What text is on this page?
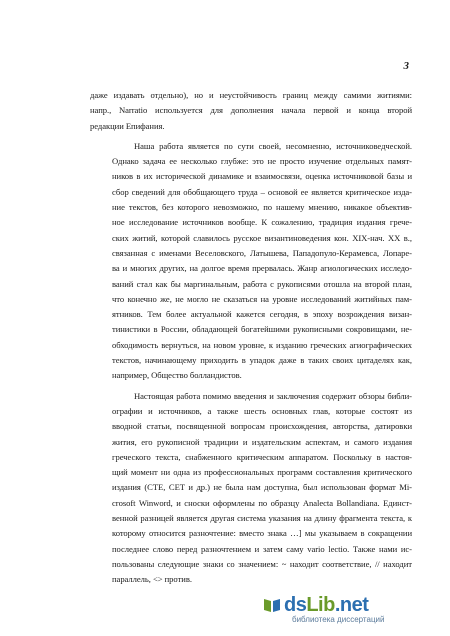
3
даже издавать отдельно), но и неустойчивость границ между самими житиями:
напр., Narratio используется для дополнения начала первой и конца второй
редакции Епифания.
Наша работа является по сути своей, несомненно, источниковедческой.
Однако задача ее несколько глубже: это не просто изучение отдельных памят-
ников в их исторической динамике и взаимосвязи, оценка источниковой базы и
сбор сведений для обобщающего труда – основой ее является критическое изда-
ние текстов, без которого невозможно, по нашему мнению, никакое объектив-
ное исследование источников вообще. К сожалению, традиция издания грече-
ских житий, которой славилось русское византиноведения кон. XIX-нач. XX в.,
связанная с именами Веселовского, Латышева, Пападопуло-Керамевса, Лопаре-
ва и многих других, на долгое время прервалась. Жанр агиологических исследо-
ваний стал как бы маргинальным, работа с рукописями отошла на второй план,
что конечно же, не могло не сказаться на уровне исследований житийных пам-
ятников. Тем более актуальной кажется сегодня, в эпоху возрождения визан-
тинистики в России, обладающей богатейшими рукописными сокровищами, не-
обходимость вернуться, на новом уровне, к изданию греческих агиографических
текстов, начинающему приходить в упадок даже в таких своих цитаделях как,
например, Общество болландистов.
Настоящая работа помимо введения и заключения содержит обзоры библи-
ографии и источников, а также шесть основных глав, которые состоят из
вводной статьи, посвященной вопросам происхождения, авторства, датировки
жития, его рукописной традиции и издательским аспектам, и самого издания
греческого текста, снабженного критическим аппаратом. Поскольку в настоя-
щий момент ни одна из профессиональных программ составления критического
издания (CTE, CET и др.) не была нам доступна, был использован формат Mi-
crosoft Winword, и сноски оформлены по образцу Analecta Bollandiana. Единст-
венной разницей является другая система указания на длину фрагмента текста, к
которому относится разночтение: вместо знака …] мы указываем в сокращении
последнее слово перед разночтением и затем саму vario lectio. Также нами ис-
пользованы следующие знаки со значением: ~ находит соответствие, // находит
параллель, <> против.
dsLib.net
библиотека диссертаций
